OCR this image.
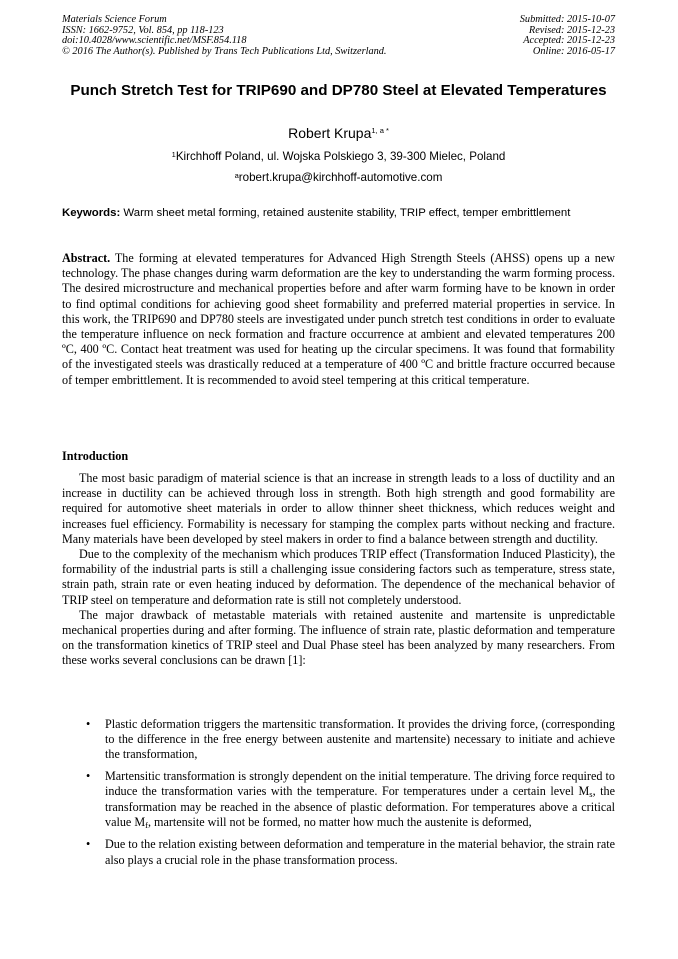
Materials Science Forum
ISSN: 1662-9752, Vol. 854, pp 118-123
doi:10.4028/www.scientific.net/MSF.854.118
© 2016 The Author(s). Published by Trans Tech Publications Ltd, Switzerland.
Submitted: 2015-10-07
Revised: 2015-12-23
Accepted: 2015-12-23
Online: 2016-05-17
Punch Stretch Test for TRIP690 and DP780 Steel at Elevated Temperatures
Robert Krupa$^{1, a *}$
$^1$Kirchhoff Poland, ul. Wojska Polskiego 3, 39-300 Mielec, Poland
$^a$robert.krupa@kirchhoff-automotive.com
Keywords: Warm sheet metal forming, retained austenite stability, TRIP effect, temper embrittlement
Abstract. The forming at elevated temperatures for Advanced High Strength Steels (AHSS) opens up a new technology. The phase changes during warm deformation are the key to understanding the warm forming process. The desired microstructure and mechanical properties before and after warm forming have to be known in order to find optimal conditions for achieving good sheet formability and preferred material properties in service. In this work, the TRIP690 and DP780 steels are investigated under punch stretch test conditions in order to evaluate the temperature influence on neck formation and fracture occurrence at ambient and elevated temperatures 200 ºC, 400 ºC. Contact heat treatment was used for heating up the circular specimens. It was found that formability of the investigated steels was drastically reduced at a temperature of 400 ºC and brittle fracture occurred because of temper embrittlement. It is recommended to avoid steel tempering at this critical temperature.
Introduction

The most basic paradigm of material science is that an increase in strength leads to a loss of ductility and an increase in ductility can be achieved through loss in strength. Both high strength and good formability are required for automotive sheet materials in order to allow thinner sheet thickness, which reduces weight and increases fuel efficiency. Formability is necessary for stamping the complex parts without necking and fracture. Many materials have been developed by steel makers in order to find a balance between strength and ductility.

Due to the complexity of the mechanism which produces TRIP effect (Transformation Induced Plasticity), the formability of the industrial parts is still a challenging issue considering factors such as temperature, stress state, strain path, strain rate or even heating induced by deformation. The dependence of the mechanical behavior of TRIP steel on temperature and deformation rate is still not completely understood.

The major drawback of metastable materials with retained austenite and martensite is unpredictable mechanical properties during and after forming. The influence of strain rate, plastic deformation and temperature on the transformation kinetics of TRIP steel and Dual Phase steel has been analyzed by many researchers. From these works several conclusions can be drawn [1]:

• Plastic deformation triggers the martensitic transformation. It provides the driving force, (corresponding to the difference in the free energy between austenite and martensite) necessary to initiate and achieve the transformation,
• Martensitic transformation is strongly dependent on the initial temperature. The driving force required to induce the transformation varies with the temperature. For temperatures under a certain level $M_s$, the transformation may be reached in the absence of plastic deformation. For temperatures above a critical value $M_f$, martensite will not be formed, no matter how much the austenite is deformed,
• Due to the relation existing between deformation and temperature in the material behavior, the strain rate also plays a crucial role in the phase transformation process.
